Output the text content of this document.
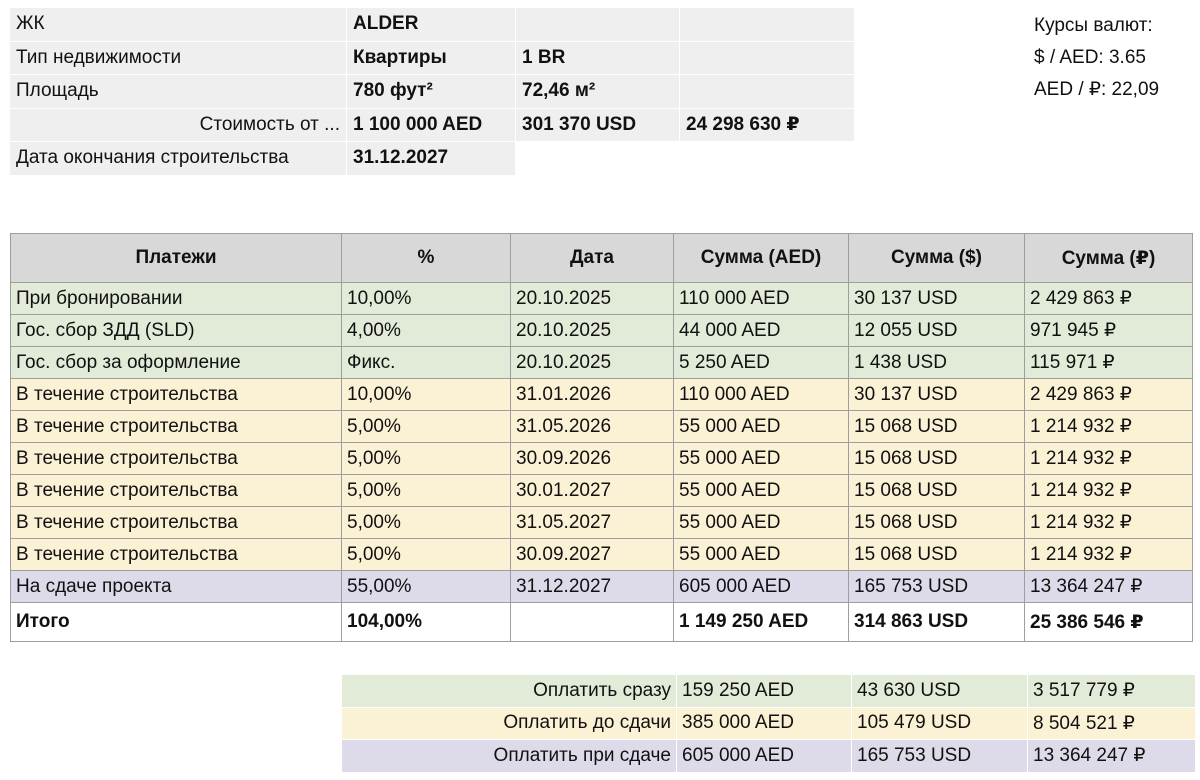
ЖК	ALDER		
Тип недвижимости	Квартиры	1 BR	
Площадь	780 фут²	72,46 м²	
Стоимость от ...	1 100 000 AED	301 370 USD	24 298 630 ₽
Дата окончания строительства	31.12.2027		
Курсы валют:
$ / AED: 3.65
AED / ₽: 22,09
Платежи	%	Дата	Сумма (AED)	Сумма ($)	Сумма (₽)
При бронировании	10,00%	20.10.2025	110 000 AED	30 137 USD	2 429 863 ₽
Гос. сбор ЗДД (SLD)	4,00%	20.10.2025	44 000 AED	12 055 USD	971 945 ₽
Гос. сбор за оформление	Фикс.	20.10.2025	5 250 AED	1 438 USD	115 971 ₽
В течение строительства	10,00%	31.01.2026	110 000 AED	30 137 USD	2 429 863 ₽
В течение строительства	5,00%	31.05.2026	55 000 AED	15 068 USD	1 214 932 ₽
В течение строительства	5,00%	30.09.2026	55 000 AED	15 068 USD	1 214 932 ₽
В течение строительства	5,00%	30.01.2027	55 000 AED	15 068 USD	1 214 932 ₽
В течение строительства	5,00%	31.05.2027	55 000 AED	15 068 USD	1 214 932 ₽
В течение строительства	5,00%	30.09.2027	55 000 AED	15 068 USD	1 214 932 ₽
На сдаче проекта	55,00%	31.12.2027	605 000 AED	165 753 USD	13 364 247 ₽
Итого	104,00%		1 149 250 AED	314 863 USD	25 386 546 ₽
Оплатить сразу	159 250 AED	43 630 USD	3 517 779 ₽
Оплатить до сдачи	385 000 AED	105 479 USD	8 504 521 ₽
Оплатить при сдаче	605 000 AED	165 753 USD	13 364 247 ₽
